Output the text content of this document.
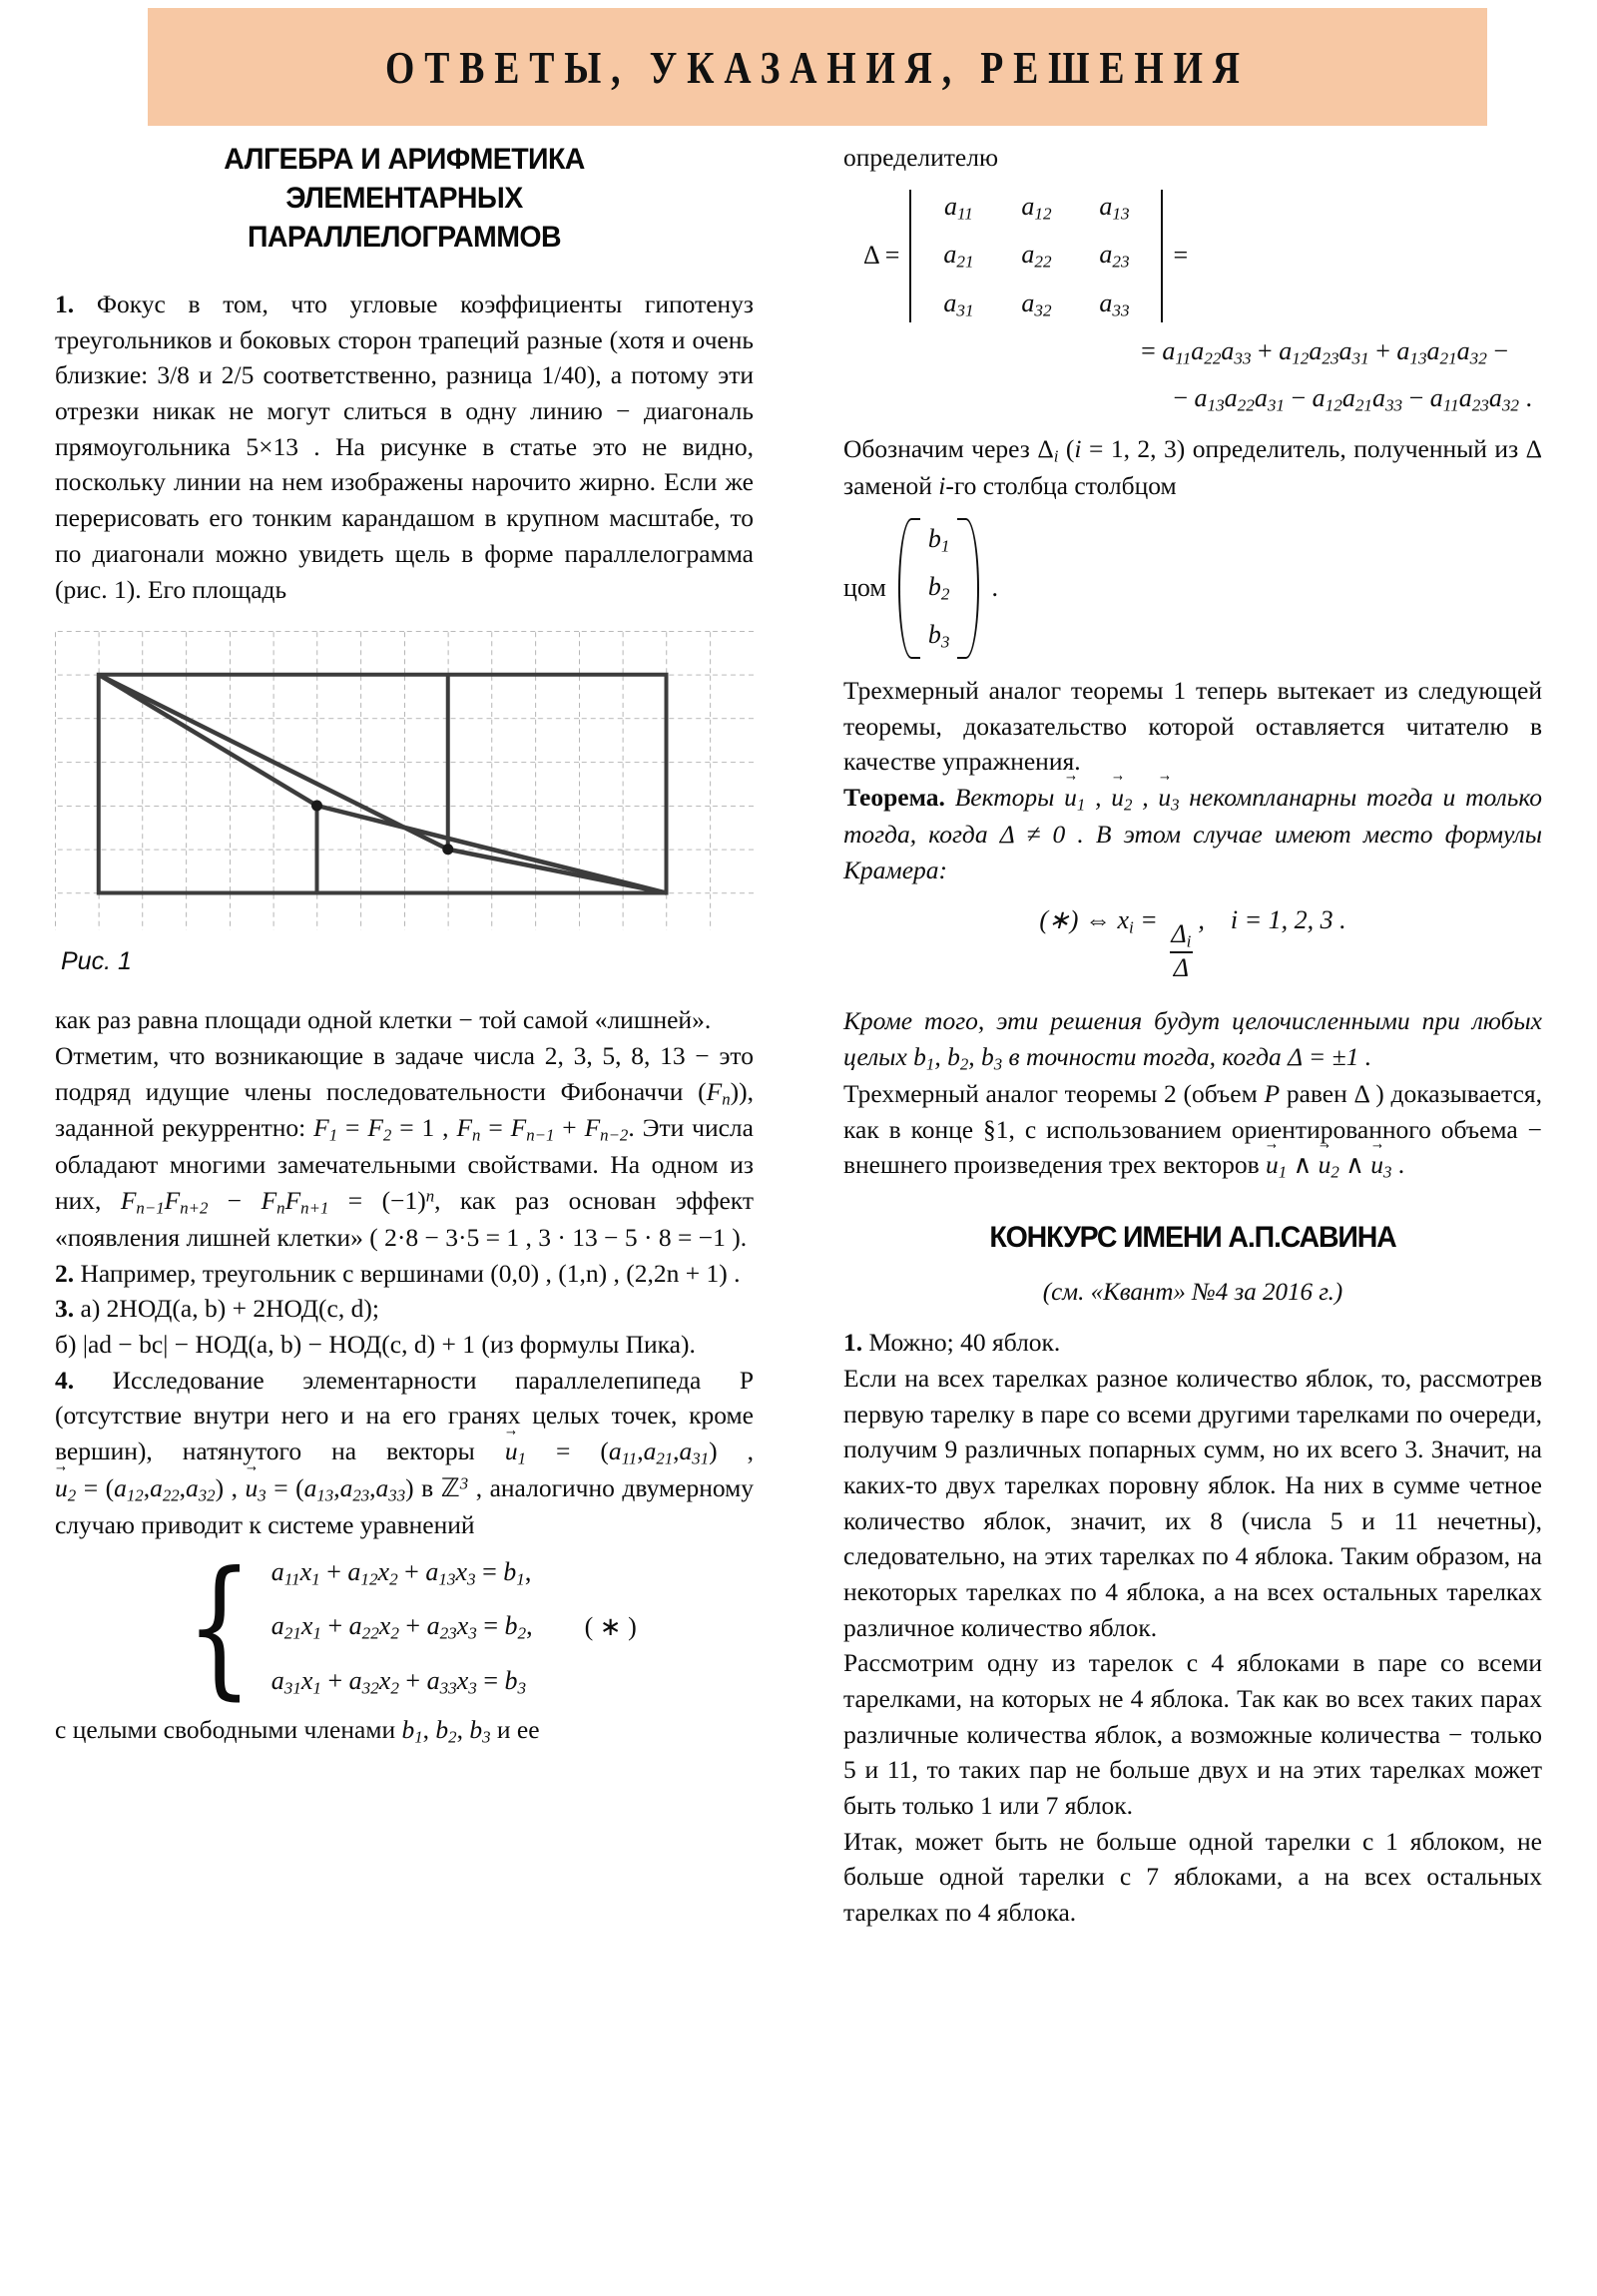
ОТВЕТЫ, УКАЗАНИЯ, РЕШЕНИЯ
АЛГЕБРА И АРИФМЕТИКА
ЭЛЕМЕНТАРНЫХ
ПАРАЛЛЕЛОГРАММОВ

1. Фокус в том, что угловые коэффициенты гипотенуз треугольников и боковых сторон трапеций разные (хотя и очень близкие: 3/8 и 2/5 соответственно, разница 1/40), а потому эти отрезки никак не могут слиться в одну линию − диагональ прямоугольника 5×13 . На рисунке в статье это не видно, поскольку линии на нем изображены нарочито жирно. Если же перерисовать его тонким карандашом в крупном масштабе, то по диагонали можно увидеть щель в форме параллелограмма (рис. 1). Его площадь

Рис. 1

как раз равна площади одной клетки − той самой «лишней».

Отметим, что возникающие в задаче числа 2, 3, 5, 8, 13 − это подряд идущие члены последовательности Фибоначчи $(F_n)$), заданной рекуррентно: $F_1 = F_2 = 1$ , $F_n = F_{n-1} + F_{n-2}$. Эти числа обладают многими замечательными свойствами. На одном из них, $F_{n-1}F_{n+2} - F_nF_{n+1} = (-1)^n$, как раз основан эффект «появления лишней клетки» ( 2·8 − 3·5 = 1 , 3 · 13 − 5 · 8 = −1 ).

2. Например, треугольник с вершинами (0,0) , (1,n) , (2,2n + 1) .

3. а) 2НОД(a, b) + 2НОД(c, d);

б) |ad − bc| − НОД(a, b) − НОД(c, d) + 1 (из формулы Пика).

4. Исследование элементарности параллелепипеда P (отсутствие внутри него и на его гранях целых точек, кроме вершин), натянутого на векторы $u \to_1 = (a_{11},a_{21},a_{31})$ , $u \to_2 = (a_{12},a_{22},a_{32})$ , $u \to_3 = (a_{13},a_{23},a_{33})$ в ℤ$^3$ , аналогично двумерному случаю приводит к системе уравнений

{ $a_{11}x_1 + a_{12}x_2 + a_{13}x_3 = b_1$,
$a_{21}x_1 + a_{22}x_2 + a_{23}x_3 = b_2$,
$a_{31}x_1 + a_{32}x_2 + a_{33}x_3 = b_3$
( ∗ )

с целыми свободными членами $b_1$, $b_2$, $b_3$ и ее

определителю

Δ =
$a_{11}$	$a_{12}$	$a_{13}$
$a_{21}$	$a_{22}$	$a_{23}$
$a_{31}$	$a_{32}$	$a_{33}$
=
= $a_{11}a_{22}a_{33} + a_{12}a_{23}a_{31} + a_{13}a_{21}a_{32}$ −
− $a_{13}a_{22}a_{31} - a_{12}a_{21}a_{33} - a_{11}a_{23}a_{32}$ .

Обозначим через $\Delta_i$ (i = 1, 2, 3) определитель, полученный из Δ заменой i-го столбца столбцом

цом
$b_1$
$b_2$
$b_3$
.

Трехмерный аналог теоремы 1 теперь вытекает из следующей теоремы, доказательство которой оставляется читателю в качестве упражнения.

Теорема. Векторы $u \to_1$ , $u \to_2$ , $u \to_3$ некомпланарны тогда и только тогда, когда Δ ≠ 0 . В этом случае имеют место формулы Крамера:

(∗) ⇔ $x_i = \frac{\Delta_i}{\Delta}$ ,    i = 1, 2, 3 .

Кроме того, эти решения будут целочисленными при любых целых $b_1$, $b_2$, $b_3$ в точности тогда, когда Δ = ±1 .

Трехмерный аналог теоремы 2 (объем P равен Δ ) доказывается, как в конце §1, с использованием ориентированного объема − внешнего произведения трех векторов $u \to_1$ ∧ $u \to_2$ ∧ $u \to_3$ .

КОНКУРС ИМЕНИ А.П.САВИНА
(см. «Квант» №4 за 2016 г.)

1. Можно; 40 яблок.

Если на всех тарелках разное количество яблок, то, рассмотрев первую тарелку в паре со всеми другими тарелками по очереди, получим 9 различных попарных сумм, но их всего 3. Значит, на каких-то двух тарелках поровну яблок. На них в сумме четное количество яблок, значит, их 8 (числа 5 и 11 нечетны), следовательно, на этих тарелках по 4 яблока. Таким образом, на некоторых тарелках по 4 яблока, а на всех остальных тарелках различное количество яблок.

Рассмотрим одну из тарелок с 4 яблоками в паре со всеми тарелками, на которых не 4 яблока. Так как во всех таких парах различные количества яблок, а возможные количества − только 5 и 11, то таких пар не больше двух и на этих тарелках может быть только 1 или 7 яблок.

Итак, может быть не больше одной тарелки с 1 яблоком, не больше одной тарелки с 7 яблоками, а на всех остальных тарелках по 4 яблока.
